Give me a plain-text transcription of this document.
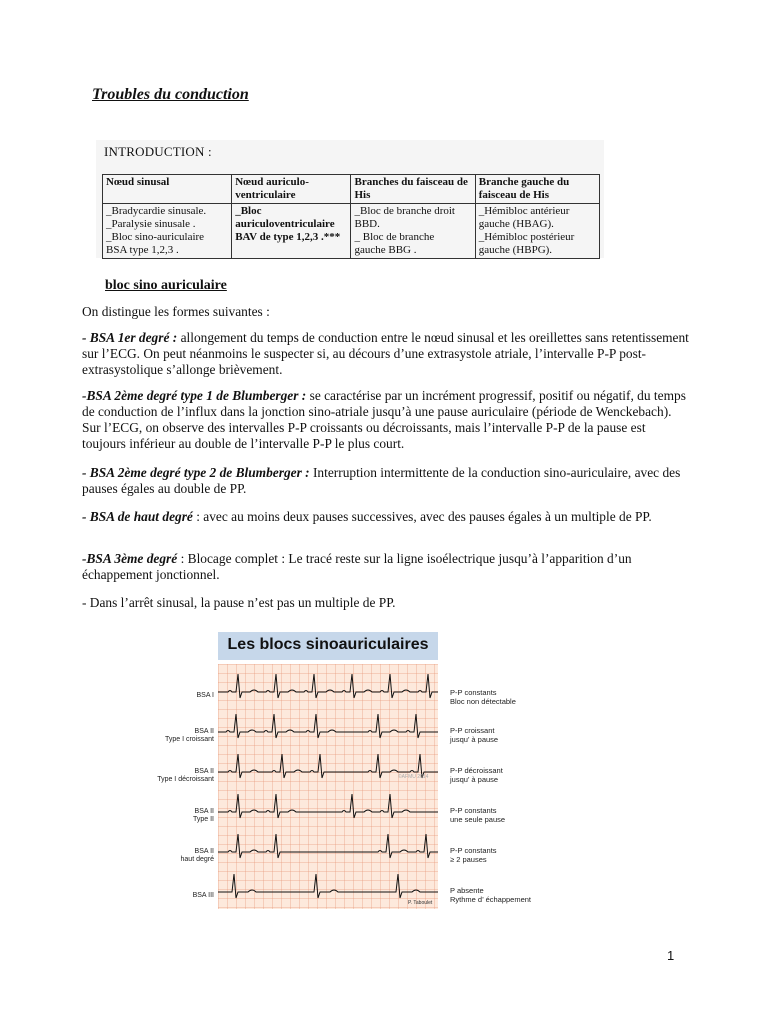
Troubles du conduction
INTRODUCTION :
Nœud sinusal	Nœud auriculo-ventriculaire	Branches du faisceau de His	Branche gauche du faisceau de His

_Bradycardie sinusale.
_Paralysie sinusale .
_Bloc sino-auriculaire
BSA type 1,2,3 .	_Bloc
auriculoventriculaire
BAV de type 1,2,3 .***	_Bloc de branche droit
BBD.
_ Bloc de branche
gauche BBG .	_Hémibloc antérieur
gauche (HBAG).
_Hémibloc postérieur
gauche (HBPG).
bloc sino auriculaire
On distingue les formes suivantes :
- BSA 1er degré : allongement du temps de conduction entre le nœud sinusal et les oreillettes sans retentissement sur l’ECG. On peut néanmoins le suspecter si, au décours d’une extrasystole atriale, l’intervalle P-P post-extrasystolique s’allonge brièvement.
-BSA 2ème degré type 1 de Blumberger : se caractérise par un incrément progressif, positif ou négatif, du temps de conduction de l’influx dans la jonction sino-atriale jusqu’à une pause auriculaire (période de Wenckebach). Sur l’ECG, on observe des intervalles P-P croissants ou décroissants, mais l’intervalle P-P de la pause est toujours inférieur au double de l’intervalle P-P le plus court.
- BSA 2ème degré type 2 de Blumberger : Interruption intermittente de la conduction sino-auriculaire, avec des pauses égales au double de PP.
- BSA de haut degré : avec au moins deux pauses successives, avec des pauses égales à un multiple de PP.
-BSA 3ème degré : Blocage complet : Le tracé reste sur la ligne isoélectrique jusqu’à l’apparition d’un échappement jonctionnel.
- Dans l’arrêt sinusal, la pause n’est pas un multiple de PP.
Les blocs sinoauriculaires
©AFMU 2014
P. Taboulet
BSA I
BSA II
Type I croissant
BSA II
Type I décroissant
BSA II
Type II
BSA II
haut degré
BSA III
P-P constants
Bloc non détectable
P-P croissant
jusqu’ à pause
P-P décroissant
jusqu’ à pause
P-P constants
une seule pause
P-P constants
≥ 2 pauses
P absente
Rythme d’ échappement
1
